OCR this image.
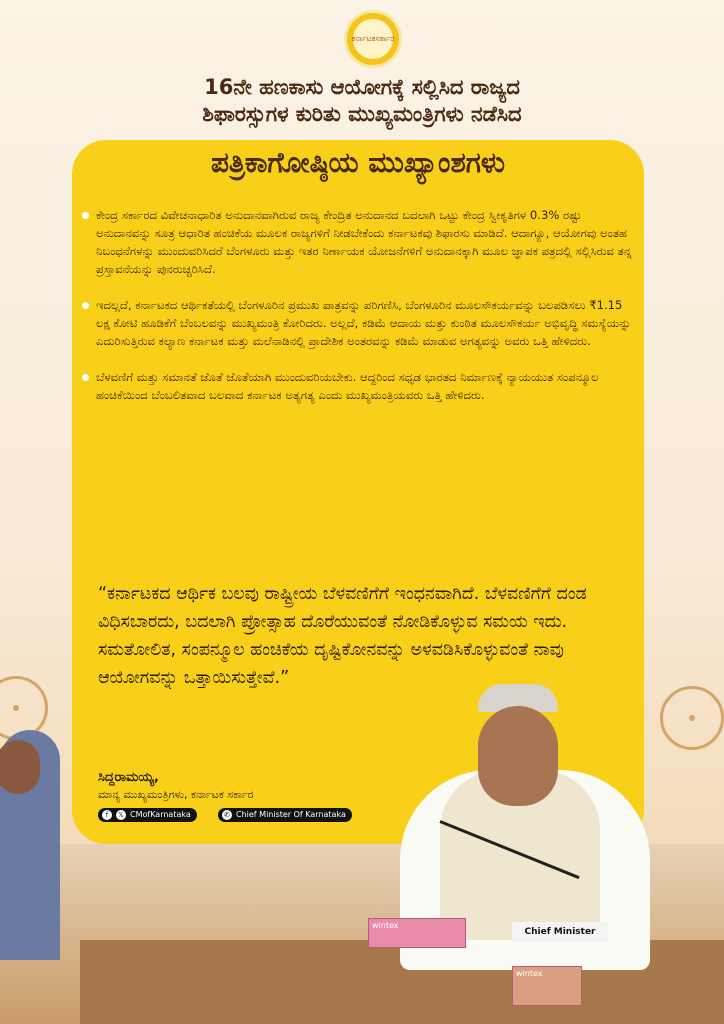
ಕರ್ನಾಟಕ ಸರ್ಕಾರ
16ನೇ ಹಣಕಾಸು ಆಯೋಗಕ್ಕೆ ಸಲ್ಲಿಸಿದ ರಾಜ್ಯದ
ಶಿಫಾರಸ್ಸುಗಳ ಕುರಿತು ಮುಖ್ಯಮಂತ್ರಿಗಳು ನಡೆಸಿದ
ಪತ್ರಿಕಾಗೋಷ್ಠಿಯ ಮುಖ್ಯಾಂಶಗಳು
ಕೇಂದ್ರ ಸರ್ಕಾರದ ವಿವೇಚನಾಧಾರಿತ ಅನುದಾನವಾಗಿರುವ ರಾಜ್ಯ ಕೇಂದ್ರಿತ ಅನುದಾನದ ಬದಲಾಗಿ ಒಟ್ಟು ಕೇಂದ್ರ ಸ್ವೀಕೃತಿಗಳ 0.3% ರಷ್ಟು ಅನುದಾನವನ್ನು ಸೂತ್ರ ಆಧಾರಿತ ಹಂಚಿಕೆಯ ಮೂಲಕ ರಾಜ್ಯಗಳಿಗೆ ನೀಡಬೇಕೆಂದು ಕರ್ನಾಟಕವು ಶಿಫಾರಸು ಮಾಡಿದೆ. ಆದಾಗ್ಯೂ, ಆಯೋಗವು ಅಂತಹ ನಿಬಂಧನೆಗಳನ್ನು ಮುಂದುವರಿಸಿದರೆ ಬೆಂಗಳೂರು ಮತ್ತು ಇತರ ನಿರ್ಣಾಯಕ ಯೋಜನೆಗಳಿಗೆ ಅನುದಾನಕ್ಕಾಗಿ ಮೂಲ ಜ್ಞಾಪಕ ಪತ್ರದಲ್ಲಿ ಸಲ್ಲಿಸಿರುವ ತನ್ನ ಪ್ರಸ್ತಾವನೆಯನ್ನು ಪುನರುಚ್ಚರಿಸಿದೆ.
ಇದಲ್ಲದೆ, ಕರ್ನಾಟಕದ ಆರ್ಥಿಕತೆಯಲ್ಲಿ ಬೆಂಗಳೂರಿನ ಪ್ರಮುಖ ಪಾತ್ರವನ್ನು ಪರಿಗಣಿಸಿ, ಬೆಂಗಳೂರಿನ ಮೂಲಸೌಕರ್ಯವನ್ನು ಬಲಪಡಿಸಲು ₹1.15 ಲಕ್ಷ ಕೋಟಿ ಹೂಡಿಕೆಗೆ ಬೆಂಬಲವನ್ನು ಮುಖ್ಯಮಂತ್ರಿ ಕೋರಿದರು. ಅಲ್ಲದೆ, ಕಡಿಮೆ ಆದಾಯ ಮತ್ತು ಕುಂಠಿತ ಮೂಲಸೌಕರ್ಯ ಅಭಿವೃದ್ಧಿ ಸಮಸ್ಯೆಯನ್ನು ಎದುರಿಸುತ್ತಿರುವ ಕಲ್ಯಾಣ ಕರ್ನಾಟಕ ಮತ್ತು ಮಲೆನಾಡಿನಲ್ಲಿ ಪ್ರಾದೇಶಿಕ ಅಂತರವನ್ನು ಕಡಿಮೆ ಮಾಡುವ ಅಗತ್ಯವನ್ನು ಅವರು ಒತ್ತಿ ಹೇಳಿದರು.
ಬೆಳವಣಿಗೆ ಮತ್ತು ಸಮಾನತೆ ಜೊತೆ ಜೊತೆಯಾಗಿ ಮುಂದುವರಿಯಬೇಕು. ಆದ್ದರಿಂದ ಸಧೃಡ ಭಾರತದ ನಿರ್ಮಾಣಕ್ಕೆ ನ್ಯಾಯಯುತ ಸಂಪನ್ಮೂಲ ಹಂಚಿಕೆಯಿಂದ ಬೆಂಬಲಿತವಾದ ಬಲವಾದ ಕರ್ನಾಟಕ ಅತ್ಯಗತ್ಯ ಎಂದು ಮುಖ್ಯಮಂತ್ರಿಯವರು ಒತ್ತಿ ಹೇಳಿದರು.
“ಕರ್ನಾಟಕದ ಆರ್ಥಿಕ ಬಲವು ರಾಷ್ಟ್ರೀಯ ಬೆಳವಣಿಗೆಗೆ ಇಂಧನವಾಗಿದೆ. ಬೆಳವಣಿಗೆಗೆ ದಂಡ ವಿಧಿಸಬಾರದು, ಬದಲಾಗಿ ಪ್ರೋತ್ಸಾಹ ದೊರೆಯುವಂತೆ ನೋಡಿಕೊಳ್ಳುವ ಸಮಯ ಇದು. ಸಮತೋಲಿತ, ಸಂಪನ್ಮೂಲ ಹಂಚಿಕೆಯ ದೃಷ್ಟಿಕೋನವನ್ನು ಅಳವಡಿಸಿಕೊಳ್ಳುವಂತೆ ನಾವು ಆಯೋಗವನ್ನು ಒತ್ತಾಯಿಸುತ್ತೇವೆ.”
ಸಿದ್ದರಾಮಯ್ಯ,
ಮಾನ್ಯ ಮುಖ್ಯಮಂತ್ರಿಗಳು, ಕರ್ನಾಟಕ ಸರ್ಕಾರ
f	𝕏 CMofKarnataka	✆ Chief Minister Of Karnataka
wintex
wintex
Chief Minister
